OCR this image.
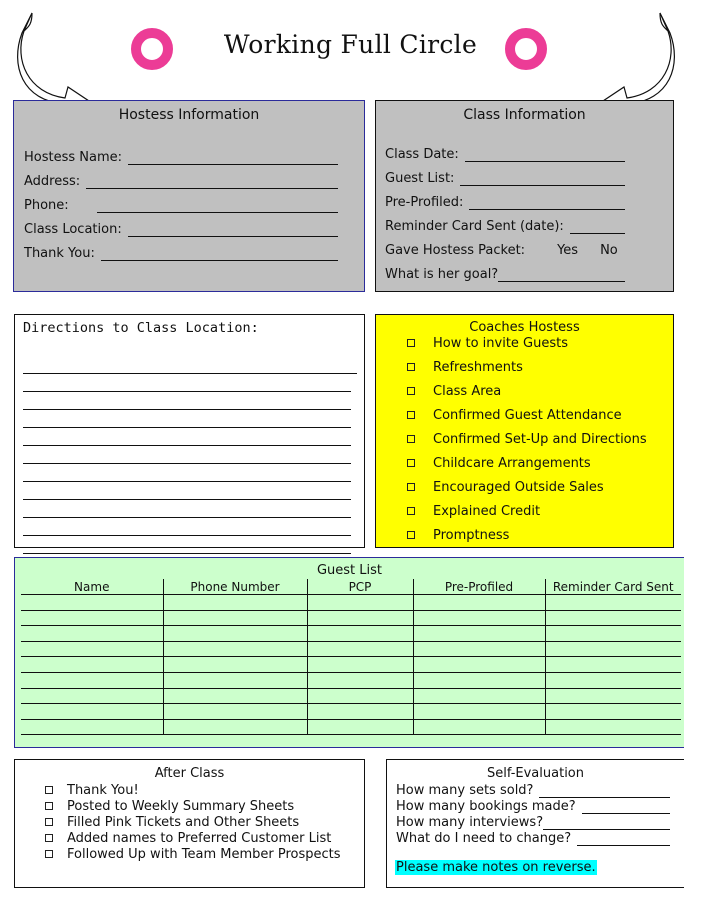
Working Full Circle
Hostess Information
Hostess Name:
Address:
Phone:
Class Location:
Thank You:
Class Information
Class Date:
Guest List:
Pre-Profiled:
Reminder Card Sent (date):
Gave Hostess Packet: Yes No
What is her goal?
Directions to Class Location:	Coaches Hostess
How to invite Guests
Refreshments
Class Area
Confirmed Guest Attendance
Confirmed Set-Up and Directions
Childcare Arrangements
Encouraged Outside Sales
Explained Credit
Promptness
Guest List
Name	Phone Number	PCP	Pre-Profiled	Reminder Card Sent

After Class
Thank You!
Posted to Weekly Summary Sheets
Filled Pink Tickets and Other Sheets
Added names to Preferred Customer List
Followed Up with Team Member Prospects
Self-Evaluation
How many sets sold?
How many bookings made?
How many interviews?
What do I need to change?
Please make notes on reverse.
